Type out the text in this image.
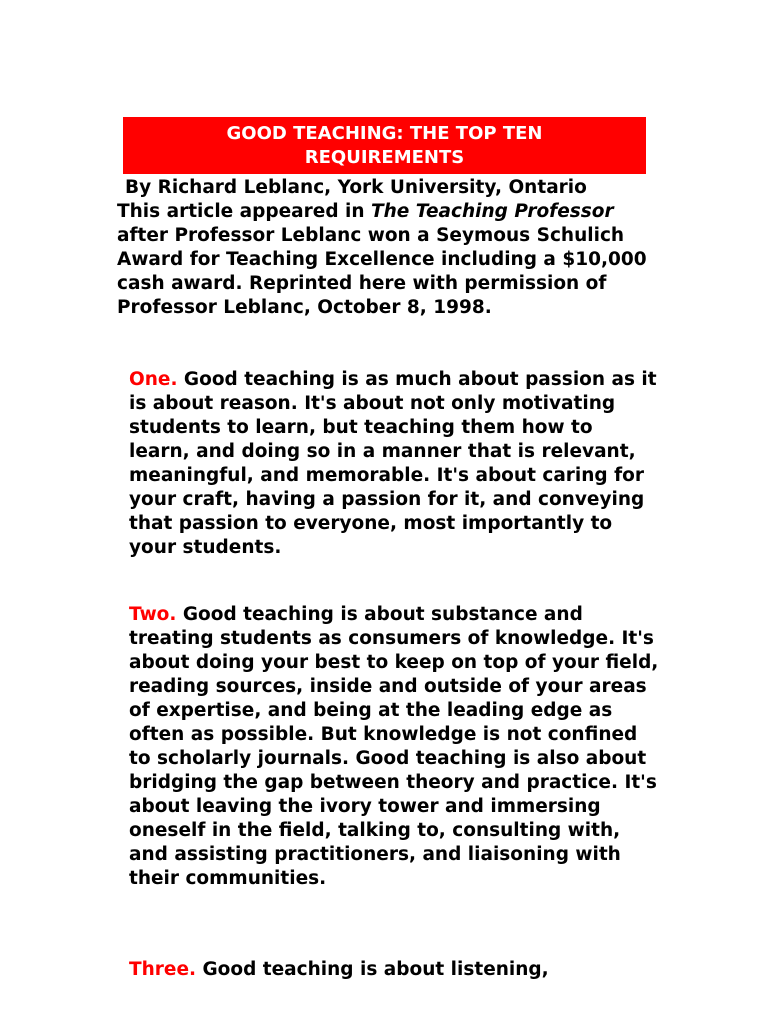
GOOD TEACHING: THE TOP TEN
REQUIREMENTS
By Richard Leblanc, York University, Ontario
This article appeared in The Teaching Professor after Professor Leblanc won a Seymous Schulich Award for Teaching Excellence including a $10,000 cash award. Reprinted here with permission of Professor Leblanc, October 8, 1998.

One. Good teaching is as much about passion as it is about reason. It's about not only motivating students to learn, but teaching them how to learn, and doing so in a manner that is relevant, meaningful, and memorable. It's about caring for your craft, having a passion for it, and conveying that passion to everyone, most importantly to your students.

Two. Good teaching is about substance and treating students as consumers of knowledge. It's about doing your best to keep on top of your field, reading sources, inside and outside of your areas of expertise, and being at the leading edge as often as possible. But knowledge is not confined to scholarly journals. Good teaching is also about bridging the gap between theory and practice. It's about leaving the ivory tower and immersing oneself in the field, talking to, consulting with, and assisting practitioners, and liaisoning with their communities.

Three. Good teaching is about listening,
